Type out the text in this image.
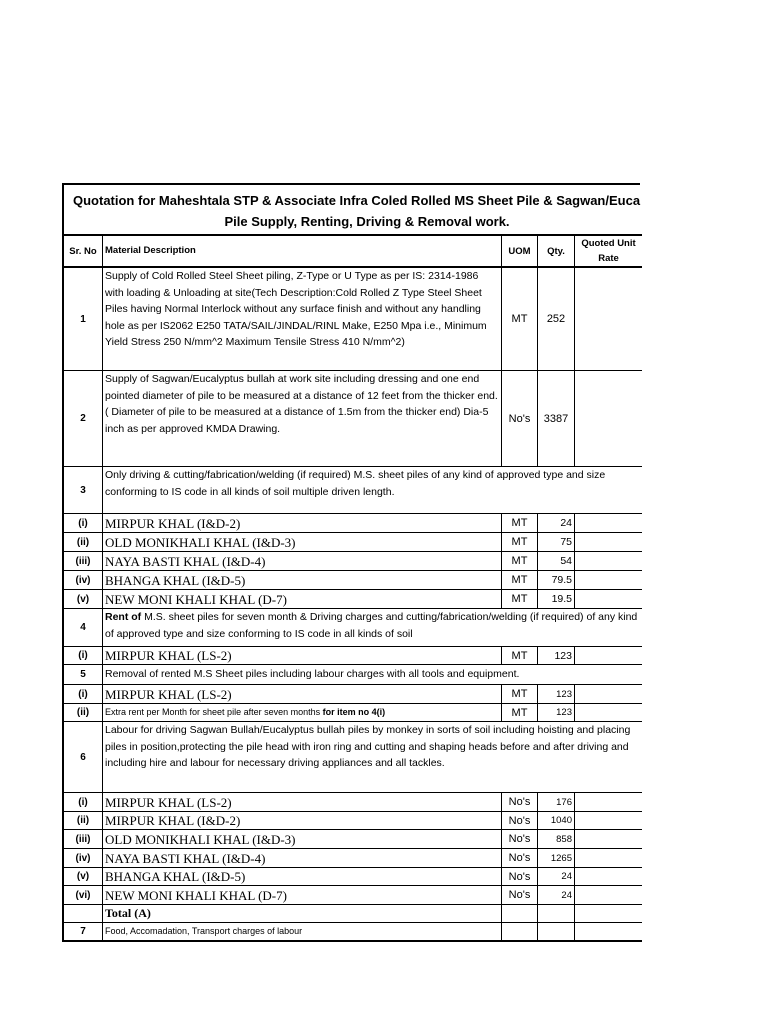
Quotation for Maheshtala STP & Associate Infra Coled Rolled MS Sheet Pile & Sagwan/Euca
Pile Supply, Renting, Driving & Removal work.
Sr. No	Material Description	UOM	Qty.	Quoted Unit Rate
1	Supply of Cold Rolled Steel Sheet piling, Z-Type or U Type as per IS: 2314-1986 with loading & Unloading at site(Tech Description:Cold Rolled Z Type Steel Sheet Piles having Normal Interlock without any surface finish and without any handling hole as per IS2062 E250 TATA/SAIL/JINDAL/RINL Make, E250 Mpa i.e., Minimum Yield Stress 250 N/mm^2 Maximum Tensile Stress 410 N/mm^2)	MT	252	
2	Supply of Sagwan/Eucalyptus bullah at work site including dressing and one end pointed diameter of pile to be measured at a distance of 12 feet from the thicker end. ( Diameter of pile to be measured at a distance of 1.5m from the thicker end) Dia-5 inch as per approved KMDA Drawing.	No's	3387	
3	Only driving & cutting/fabrication/welding (if required) M.S. sheet piles of any kind of approved type and size conforming to IS code in all kinds of soil multiple driven length.			
(i)	MIRPUR KHAL (I&D-2)	MT	24	
(ii)	OLD MONIKHALI KHAL (I&D-3)	MT	75	
(iii)	NAYA BASTI KHAL (I&D-4)	MT	54	
(iv)	BHANGA KHAL (I&D-5)	MT	79.5	
(v)	NEW MONI KHALI KHAL (D-7)	MT	19.5	
4	Rent of M.S. sheet piles for seven month & Driving charges and cutting/fabrication/welding (if required) of any kind of approved type and size conforming to IS code in all kinds of soil			
(i)	MIRPUR KHAL (LS-2)	MT	123	
5	Removal of rented M.S Sheet piles including labour charges with all tools and equipment.			
(i)	MIRPUR KHAL (LS-2)	MT	123	
(ii)	Extra rent per Month for sheet pile after seven months for item no 4(i)	MT	123	
6	Labour for driving Sagwan Bullah/Eucalyptus bullah piles by monkey in sorts of soil including hoisting and placing piles in position,protecting the pile head with iron ring and cutting and shaping heads before and after driving and including hire and labour for necessary driving appliances and all tackles.			
(i)	MIRPUR KHAL (LS-2)	No's	176	
(ii)	MIRPUR KHAL (I&D-2)	No's	1040	
(iii)	OLD MONIKHALI KHAL (I&D-3)	No's	858	
(iv)	NAYA BASTI KHAL (I&D-4)	No's	1265	
(v)	BHANGA KHAL (I&D-5)	No's	24	
(vi)	NEW MONI KHALI KHAL (D-7)	No's	24	
	Total (A)			
7	Food, Accomadation, Transport charges of labour			
